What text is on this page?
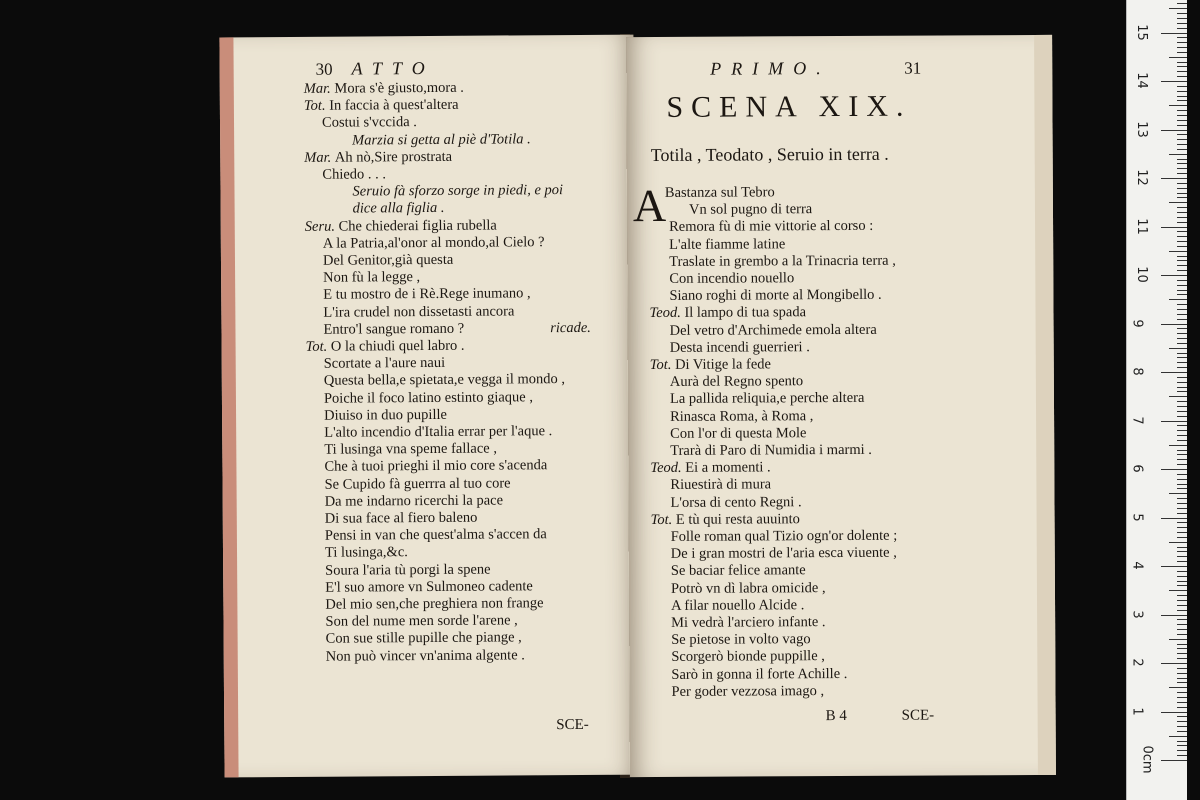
30 ATTO
Mar. Mora s'è giusto,mora .
Tot. In faccia à quest'altera
Costui s'vccida .
Marzia si getta al piè d'Totila .
Mar. Ah nò,Sire prostrata
Chiedo . . .
Seruio fà sforzo sorge in piedi, e poi
dice alla figlia .
Seru. Che chiederai figlia rubella
A la Patria,al'onor al mondo,al Cielo ?
Del Genitor,già questa
Non fù la legge ,
E tu mostro de i Rè.Rege inumano ,
L'ira crudel non dissetasti ancora
Entro'l sangue romano ?	ricade.
Tot. O la chiudi quel labro .
Scortate a l'aure naui
Questa bella,e spietata,e vegga il mondo ,
Poiche il foco latino estinto giaque ,
Diuiso in duo pupille
L'alto incendio d'Italia errar per l'aque .
Ti lusinga vna speme fallace ,
Che à tuoi prieghi il mio core s'acenda
Se Cupido fà guerrra al tuo core
Da me indarno ricerchi la pace
Di sua face al fiero baleno
Pensi in van che quest'alma s'accen da
Ti lusinga,&c.
Soura l'aria tù porgi la spene
E'l suo amore vn Sulmoneo cadente
Del mio sen,che preghiera non frange
Son del nume men sorde l'arene ,
Con sue stille pupille che piange ,
Non può vincer vn'anima algente .
SCE-
PRIMO.	31
SCENA XIX.
Totila , Teodato , Seruio in terra .
A
Bastanza sul Tebro
Vn sol pugno di terra
Remora fù di mie vittorie al corso :
L'alte fiamme latine
Traslate in grembo a la Trinacria terra ,
Con incendio nouello
Siano roghi di morte al Mongibello .
Teod. Il lampo di tua spada
Del vetro d'Archimede emola altera
Desta incendi guerrieri .
Tot. Di Vitige la fede
Aurà del Regno spento
La pallida reliquia,e perche altera
Rinasca Roma, à Roma ,
Con l'or di questa Mole
Trarà di Paro di Numidia i marmi .
Teod. Ei a momenti .
Riuestirà di mura
L'orsa di cento Regni .
Tot. E tù qui resta auuinto
Folle roman qual Tizio ogn'or dolente ;
De i gran mostri de l'aria esca viuente ,
Se baciar felice amante
Potrò vn dì labra omicide ,
A filar nouello Alcide .
Mi vedrà l'arciero infante .
Se pietose in volto vago
Scorgerò bionde puppille ,
Sarò in gonna il forte Achille .
Per goder vezzosa imago ,
B 4	SCE-
15
14
13
12
11
10
9
8
7
6
5
4
3
2
1
0cm
